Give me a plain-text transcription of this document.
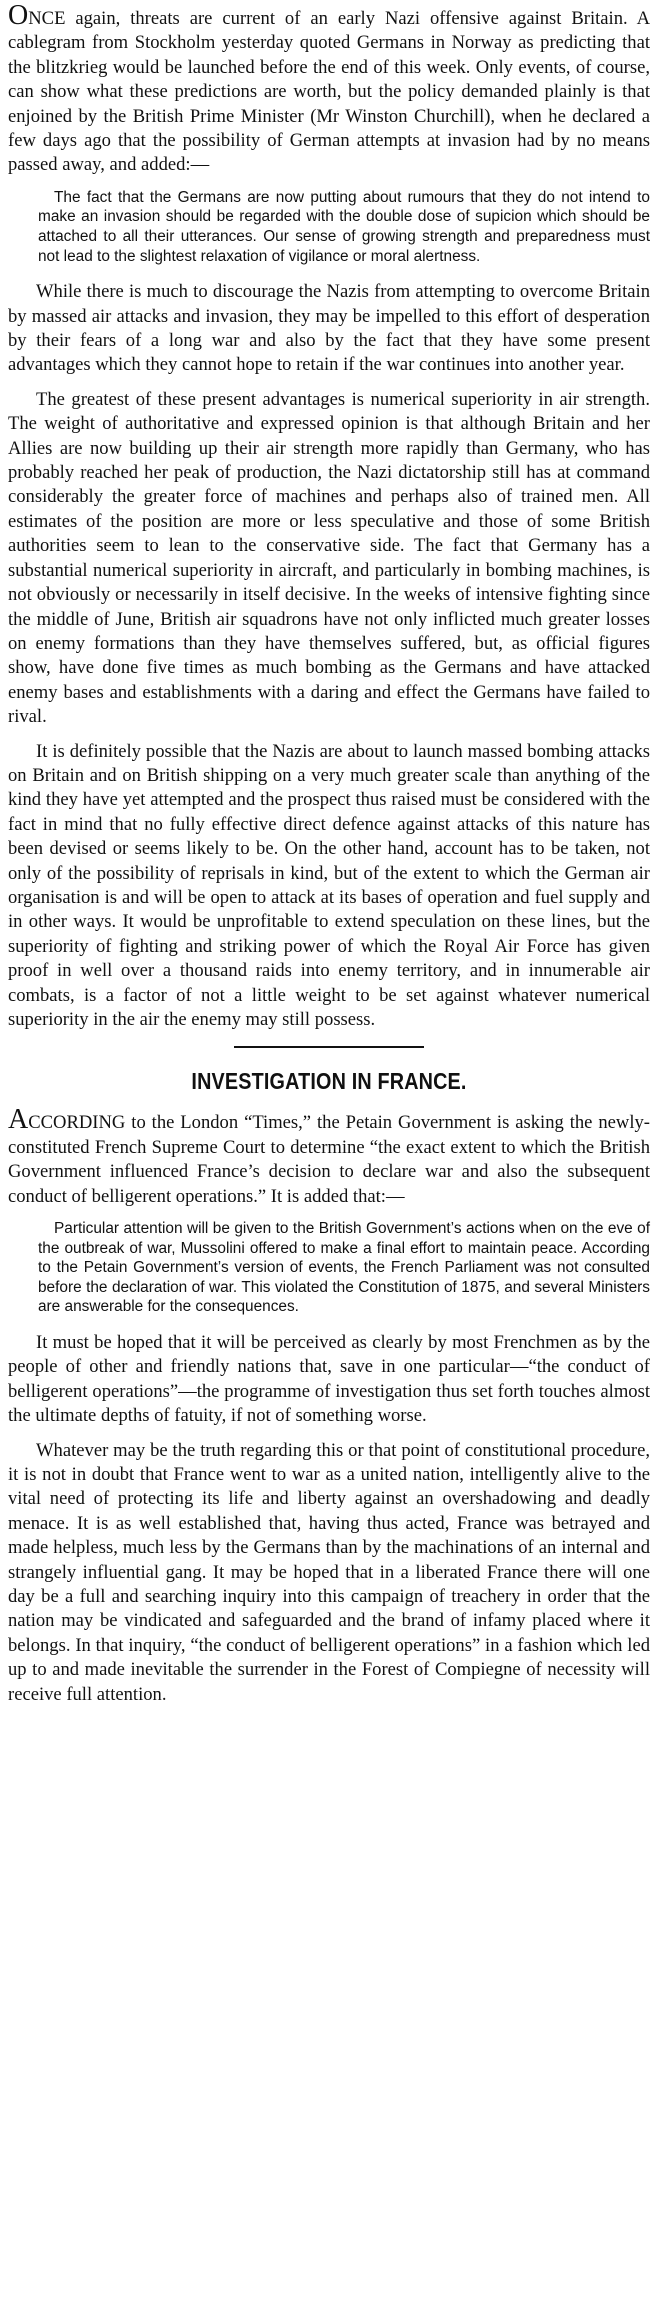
ONCE again, threats are current of an early Nazi offensive against Britain. A cablegram from Stockholm yesterday quoted Germans in Norway as predicting that the blitzkrieg would be launched before the end of this week. Only events, of course, can show what these predictions are worth, but the policy demanded plainly is that enjoined by the British Prime Minister (Mr Winston Churchill), when he declared a few days ago that the possibility of German attempts at invasion had by no means passed away, and added:—

The fact that the Germans are now putting about rumours that they do not intend to make an invasion should be regarded with the double dose of supicion which should be attached to all their utterances. Our sense of growing strength and preparedness must not lead to the slightest relaxation of vigilance or moral alertness.

While there is much to discourage the Nazis from attempting to overcome Britain by massed air attacks and invasion, they may be impelled to this effort of desperation by their fears of a long war and also by the fact that they have some present advantages which they cannot hope to retain if the war continues into another year.

The greatest of these present advantages is numerical superiority in air strength. The weight of authoritative and expressed opinion is that although Britain and her Allies are now building up their air strength more rapidly than Germany, who has probably reached her peak of production, the Nazi dictatorship still has at command considerably the greater force of machines and perhaps also of trained men. All estimates of the position are more or less speculative and those of some British authorities seem to lean to the conservative side. The fact that Germany has a substantial numerical superiority in aircraft, and particularly in bombing machines, is not obviously or necessarily in itself decisive. In the weeks of intensive fighting since the middle of June, British air squadrons have not only inflicted much greater losses on enemy formations than they have themselves suffered, but, as official figures show, have done five times as much bombing as the Germans and have attacked enemy bases and establishments with a daring and effect the Germans have failed to rival.

It is definitely possible that the Nazis are about to launch massed bombing attacks on Britain and on British shipping on a very much greater scale than anything of the kind they have yet attempted and the prospect thus raised must be considered with the fact in mind that no fully effective direct defence against attacks of this nature has been devised or seems likely to be. On the other hand, account has to be taken, not only of the possibility of reprisals in kind, but of the extent to which the German air organisation is and will be open to attack at its bases of operation and fuel supply and in other ways. It would be unprofitable to extend speculation on these lines, but the superiority of fighting and striking power of which the Royal Air Force has given proof in well over a thousand raids into enemy territory, and in innumerable air combats, is a factor of not a little weight to be set against whatever numerical superiority in the air the enemy may still possess.

INVESTIGATION IN FRANCE.

ACCORDING to the London “Times,” the Petain Government is asking the newly-constituted French Supreme Court to determine “the exact extent to which the British Government influenced France’s decision to declare war and also the subsequent conduct of belligerent operations.” It is added that:—

Particular attention will be given to the British Government’s actions when on the eve of the outbreak of war, Mussolini offered to make a final effort to maintain peace. According to the Petain Government’s version of events, the French Parliament was not consulted before the declaration of war. This violated the Constitution of 1875, and several Ministers are answerable for the consequences.

It must be hoped that it will be perceived as clearly by most Frenchmen as by the people of other and friendly nations that, save in one particular—“the conduct of belligerent operations”—the programme of investigation thus set forth touches almost the ultimate depths of fatuity, if not of something worse.

Whatever may be the truth regarding this or that point of constitutional procedure, it is not in doubt that France went to war as a united nation, intelligently alive to the vital need of protecting its life and liberty against an overshadowing and deadly menace. It is as well established that, having thus acted, France was betrayed and made helpless, much less by the Germans than by the machinations of an internal and strangely influential gang. It may be hoped that in a liberated France there will one day be a full and searching inquiry into this campaign of treachery in order that the nation may be vindicated and safeguarded and the brand of infamy placed where it belongs. In that inquiry, “the conduct of belligerent operations” in a fashion which led up to and made inevitable the surrender in the Forest of Compiegne of necessity will receive full attention.
